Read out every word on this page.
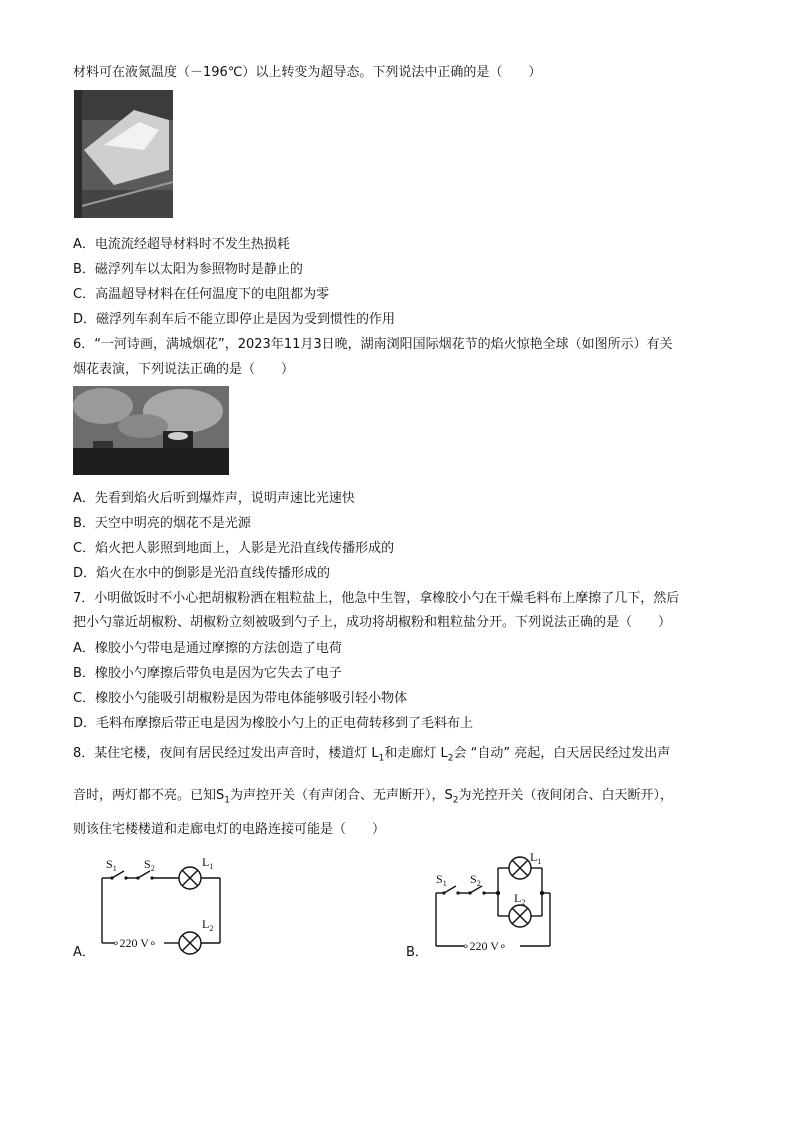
材料可在液氮温度（－196℃）以上转变为超导态。下列说法中正确的是（　　）
A．电流流经超导材料时不发生热损耗
B．磁浮列车以太阳为参照物时是静止的
C．高温超导材料在任何温度下的电阻都为零
D．磁浮列车刹车后不能立即停止是因为受到惯性的作用
6．“一河诗画，满城烟花”，2023年11月3日晚，湖南浏阳国际烟花节的焰火惊艳全球（如图所示）有关
烟花表演，下列说法正确的是（　　）
A．先看到焰火后听到爆炸声，说明声速比光速快
B．天空中明亮的烟花不是光源
C．焰火把人影照到地面上，人影是光沿直线传播形成的
D．焰火在水中的倒影是光沿直线传播形成的
7．小明做饭时不小心把胡椒粉洒在粗粒盐上，他急中生智，拿橡胶小勺在干燥毛料布上摩擦了几下，然后
把小勺靠近胡椒粉、胡椒粉立刻被吸到勺子上，成功将胡椒粉和粗粒盐分开。下列说法正确的是（　　）
A．橡胶小勺带电是通过摩擦的方法创造了电荷
B．橡胶小勺摩擦后带负电是因为它失去了电子
C．橡胶小勺能吸引胡椒粉是因为带电体能够吸引轻小物体
D．毛料布摩擦后带正电是因为橡胶小勺上的正电荷转移到了毛料布上
8．某住宅楼，夜间有居民经过发出声音时，楼道灯 $L_1$和走廊灯 $L_2$会 “自动” 亮起，白天居民经过发出声
音时，两灯都不亮。已知$S_1$为声控开关（有声闭合、无声断开），$S_2$为光控开关（夜间闭合、白天断开），
则该住宅楼楼道和走廊电灯的电路连接可能是（　　）
A．
$S_1$ $S_2$	$L_1$
$L_2$
∘220 V∘
B．
$S_1$ $S_2$
$L_1$
$L_2$
∘220 V∘
